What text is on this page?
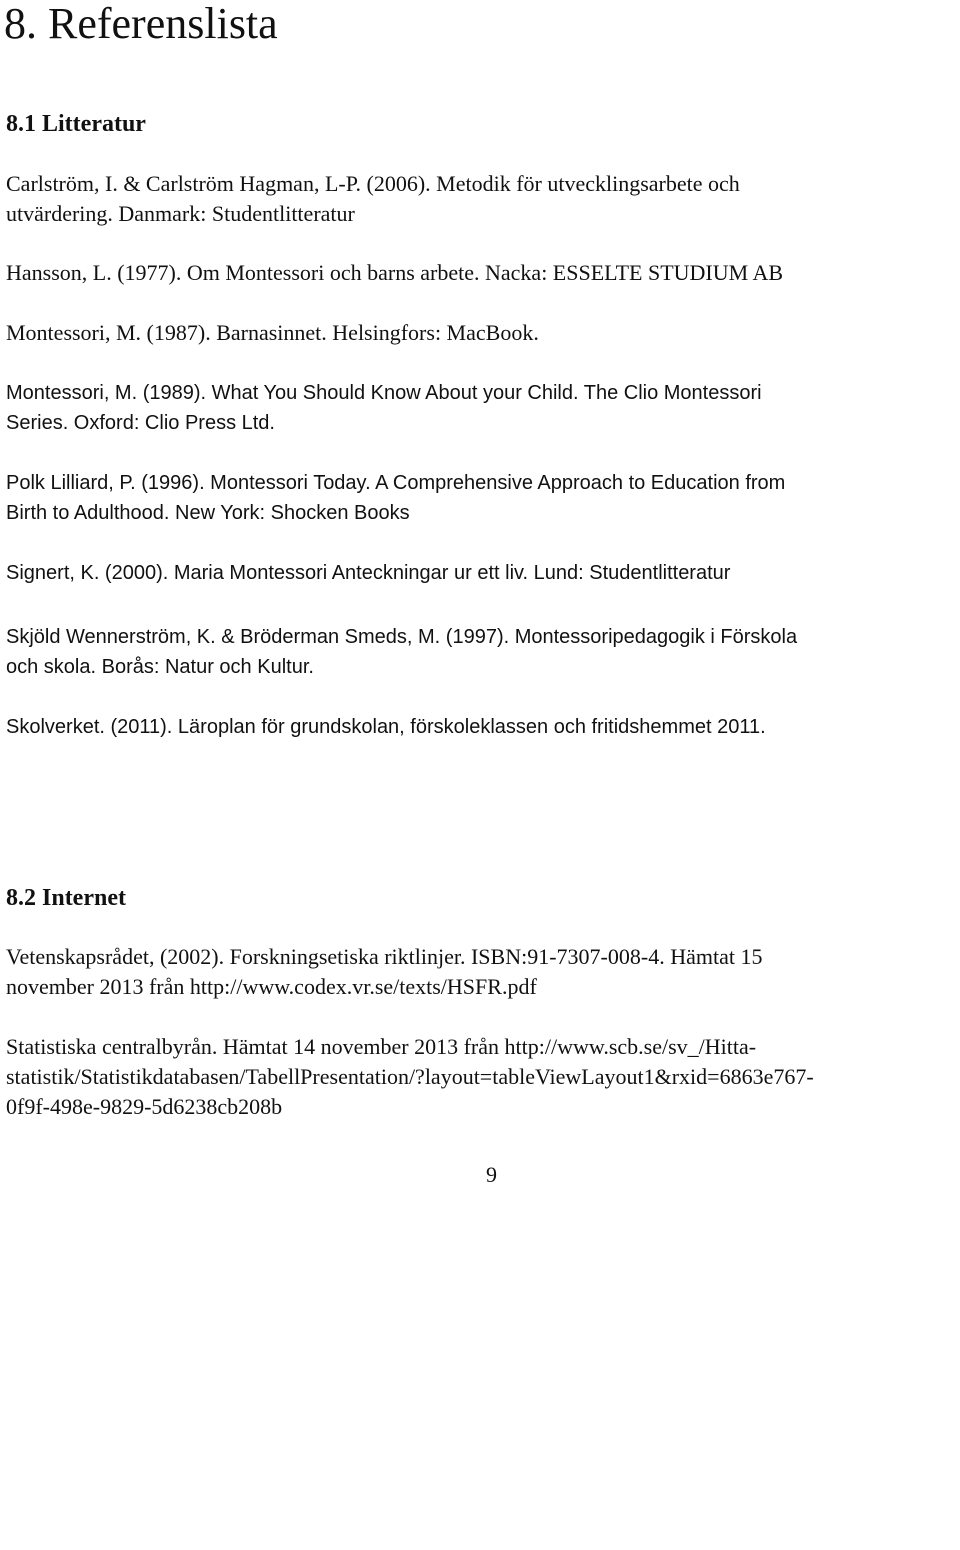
8. Referenslista
8.1 Litteratur

Carlström, I. & Carlström Hagman, L-P. (2006). Metodik för utvecklingsarbete och
utvärdering. Danmark: Studentlitteratur

Hansson, L. (1977). Om Montessori och barns arbete. Nacka: ESSELTE STUDIUM AB

Montessori, M. (1987). Barnasinnet. Helsingfors: MacBook.

Montessori, M. (1989). What You Should Know About your Child. The Clio Montessori
Series. Oxford: Clio Press Ltd.

Polk Lilliard, P. (1996). Montessori Today. A Comprehensive Approach to Education from
Birth to Adulthood. New York: Shocken Books

Signert, K. (2000). Maria Montessori Anteckningar ur ett liv. Lund: Studentlitteratur

Skjöld Wennerström, K. & Bröderman Smeds, M. (1997). Montessoripedagogik i Förskola
och skola. Borås: Natur och Kultur.

Skolverket. (2011). Läroplan för grundskolan, förskoleklassen och fritidshemmet 2011.

8.2 Internet

Vetenskapsrådet, (2002). Forskningsetiska riktlinjer. ISBN:91-7307-008-4. Hämtat 15
november 2013 från http://www.codex.vr.se/texts/HSFR.pdf

Statistiska centralbyrån. Hämtat 14 november 2013 från http://www.scb.se/sv_/Hitta-
statistik/Statistikdatabasen/TabellPresentation/?layout=tableViewLayout1&rxid=6863e767-
0f9f-498e-9829-5d6238cb208b

9
